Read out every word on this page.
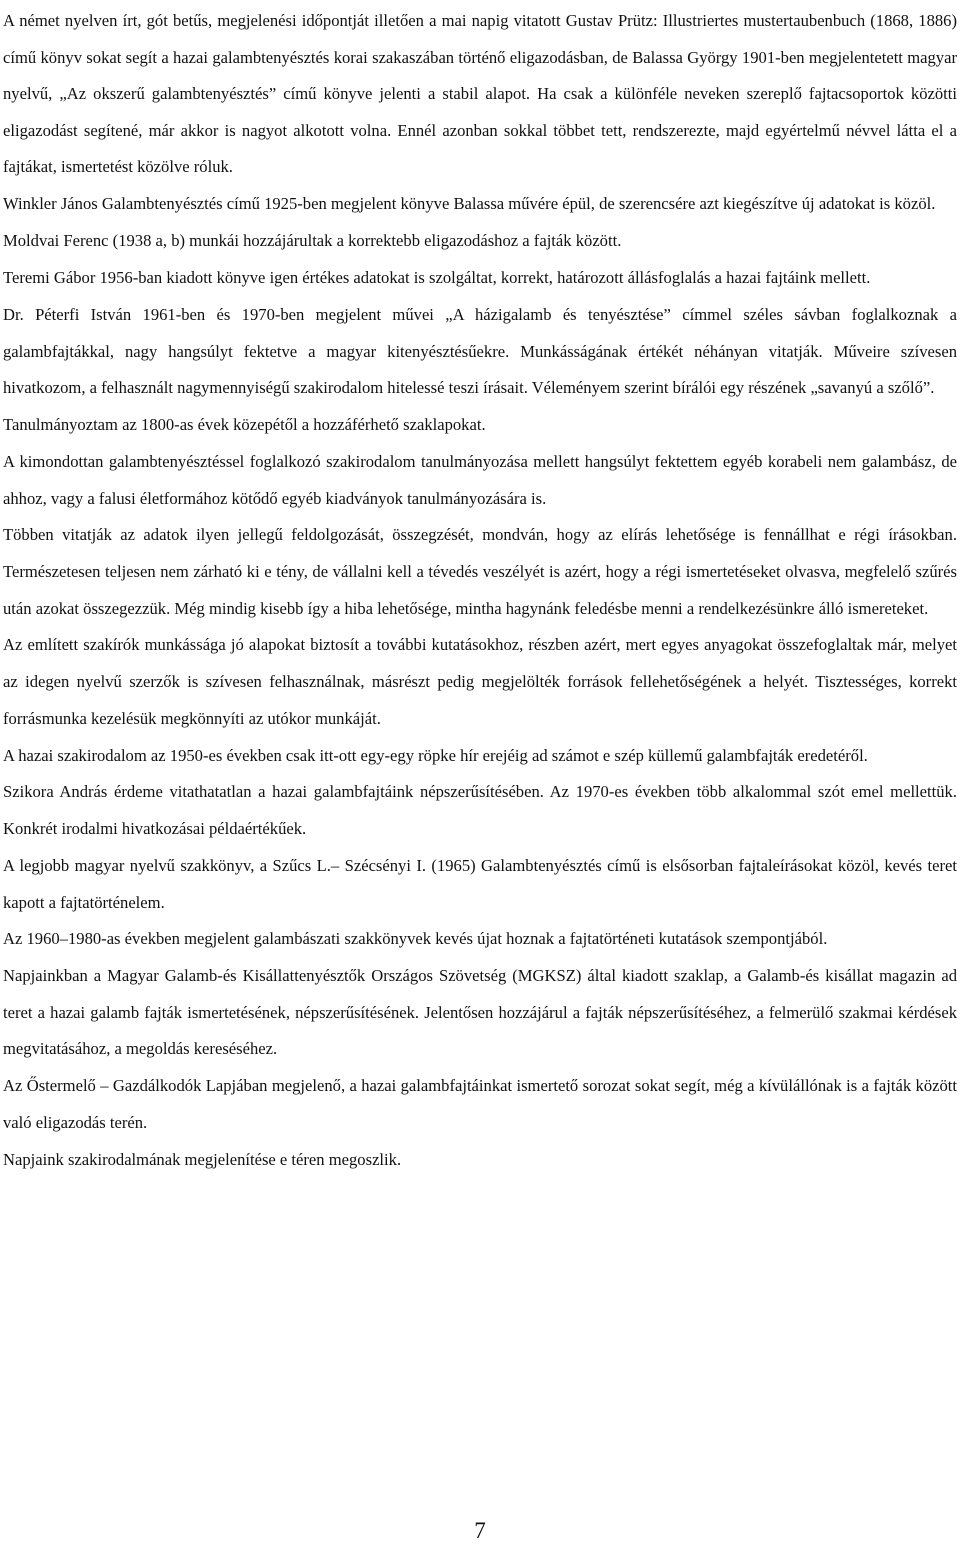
A német nyelven írt, gót betűs, megjelenési időpontját illetően a mai napig vitatott Gustav Prütz: Illustriertes mustertaubenbuch (1868, 1886) című könyv sokat segít a hazai galambtenyésztés korai szakaszában történő eligazodásban, de Balassa György 1901-ben megjelentetett magyar nyelvű, „Az okszerű galambtenyésztés” című könyve jelenti a stabil alapot. Ha csak a különféle neveken szereplő fajtacsoportok közötti eligazodást segítené, már akkor is nagyot alkotott volna. Ennél azonban sokkal többet tett, rendszerezte, majd egyértelmű névvel látta el a fajtákat, ismertetést közölve róluk.

Winkler János Galambtenyésztés című 1925-ben megjelent könyve Balassa művére épül, de szerencsére azt kiegészítve új adatokat is közöl.

Moldvai Ferenc (1938 a, b) munkái hozzájárultak a korrektebb eligazodáshoz a fajták között.

Teremi Gábor 1956-ban kiadott könyve igen értékes adatokat is szolgáltat, korrekt, határozott állásfoglalás a hazai fajtáink mellett.

Dr. Péterfi István 1961-ben és 1970-ben megjelent művei „A házigalamb és tenyésztése” címmel széles sávban foglalkoznak a galambfajtákkal, nagy hangsúlyt fektetve a magyar kitenyésztésűekre. Munkásságának értékét néhányan vitatják. Műveire szívesen hivatkozom, a felhasznált nagymennyiségű szakirodalom hitelessé teszi írásait. Véleményem szerint bírálói egy részének „savanyú a szőlő”.

Tanulmányoztam az 1800-as évek közepétől a hozzáférhető szaklapokat.

A kimondottan galambtenyésztéssel foglalkozó szakirodalom tanulmányozása mellett hangsúlyt fektettem egyéb korabeli nem galambász, de ahhoz, vagy a falusi életformához kötődő egyéb kiadványok tanulmányozására is.

Többen vitatják az adatok ilyen jellegű feldolgozását, összegzését, mondván, hogy az elírás lehetősége is fennállhat e régi írásokban. Természetesen teljesen nem zárható ki e tény, de vállalni kell a tévedés veszélyét is azért, hogy a régi ismertetéseket olvasva, megfelelő szűrés után azokat összegezzük. Még mindig kisebb így a hiba lehetősége, mintha hagynánk feledésbe menni a rendelkezésünkre álló ismereteket.

Az említett szakírók munkássága jó alapokat biztosít a további kutatásokhoz, részben azért, mert egyes anyagokat összefoglaltak már, melyet az idegen nyelvű szerzők is szívesen felhasználnak, másrészt pedig megjelölték források fellehetőségének a helyét. Tisztességes, korrekt forrásmunka kezelésük megkönnyíti az utókor munkáját.

A hazai szakirodalom az 1950-es években csak itt-ott egy-egy röpke hír erejéig ad számot e szép küllemű galambfajták eredetéről.

Szikora András érdeme vitathatatlan a hazai galambfajtáink népszerűsítésében. Az 1970-es években több alkalommal szót emel mellettük. Konkrét irodalmi hivatkozásai példaértékűek.

A legjobb magyar nyelvű szakkönyv, a Szűcs L.– Szécsényi I. (1965) Galambtenyésztés című is elsősorban fajtaleírásokat közöl, kevés teret kapott a fajtatörténelem.

Az 1960–1980-as években megjelent galambászati szakkönyvek kevés újat hoznak a fajtatörténeti kutatások szempontjából.

Napjainkban a Magyar Galamb-és Kisállattenyésztők Országos Szövetség (MGKSZ) által kiadott szaklap, a Galamb-és kisállat magazin ad teret a hazai galamb fajták ismertetésének, népszerűsítésének. Jelentősen hozzájárul a fajták népszerűsítéséhez, a felmerülő szakmai kérdések megvitatásához, a megoldás kereséséhez.

Az Őstermelő – Gazdálkodók Lapjában megjelenő, a hazai galambfajtáinkat ismertető sorozat sokat segít, még a kívülállónak is a fajták között való eligazodás terén.

Napjaink szakirodalmának megjelenítése e téren megoszlik.

7
